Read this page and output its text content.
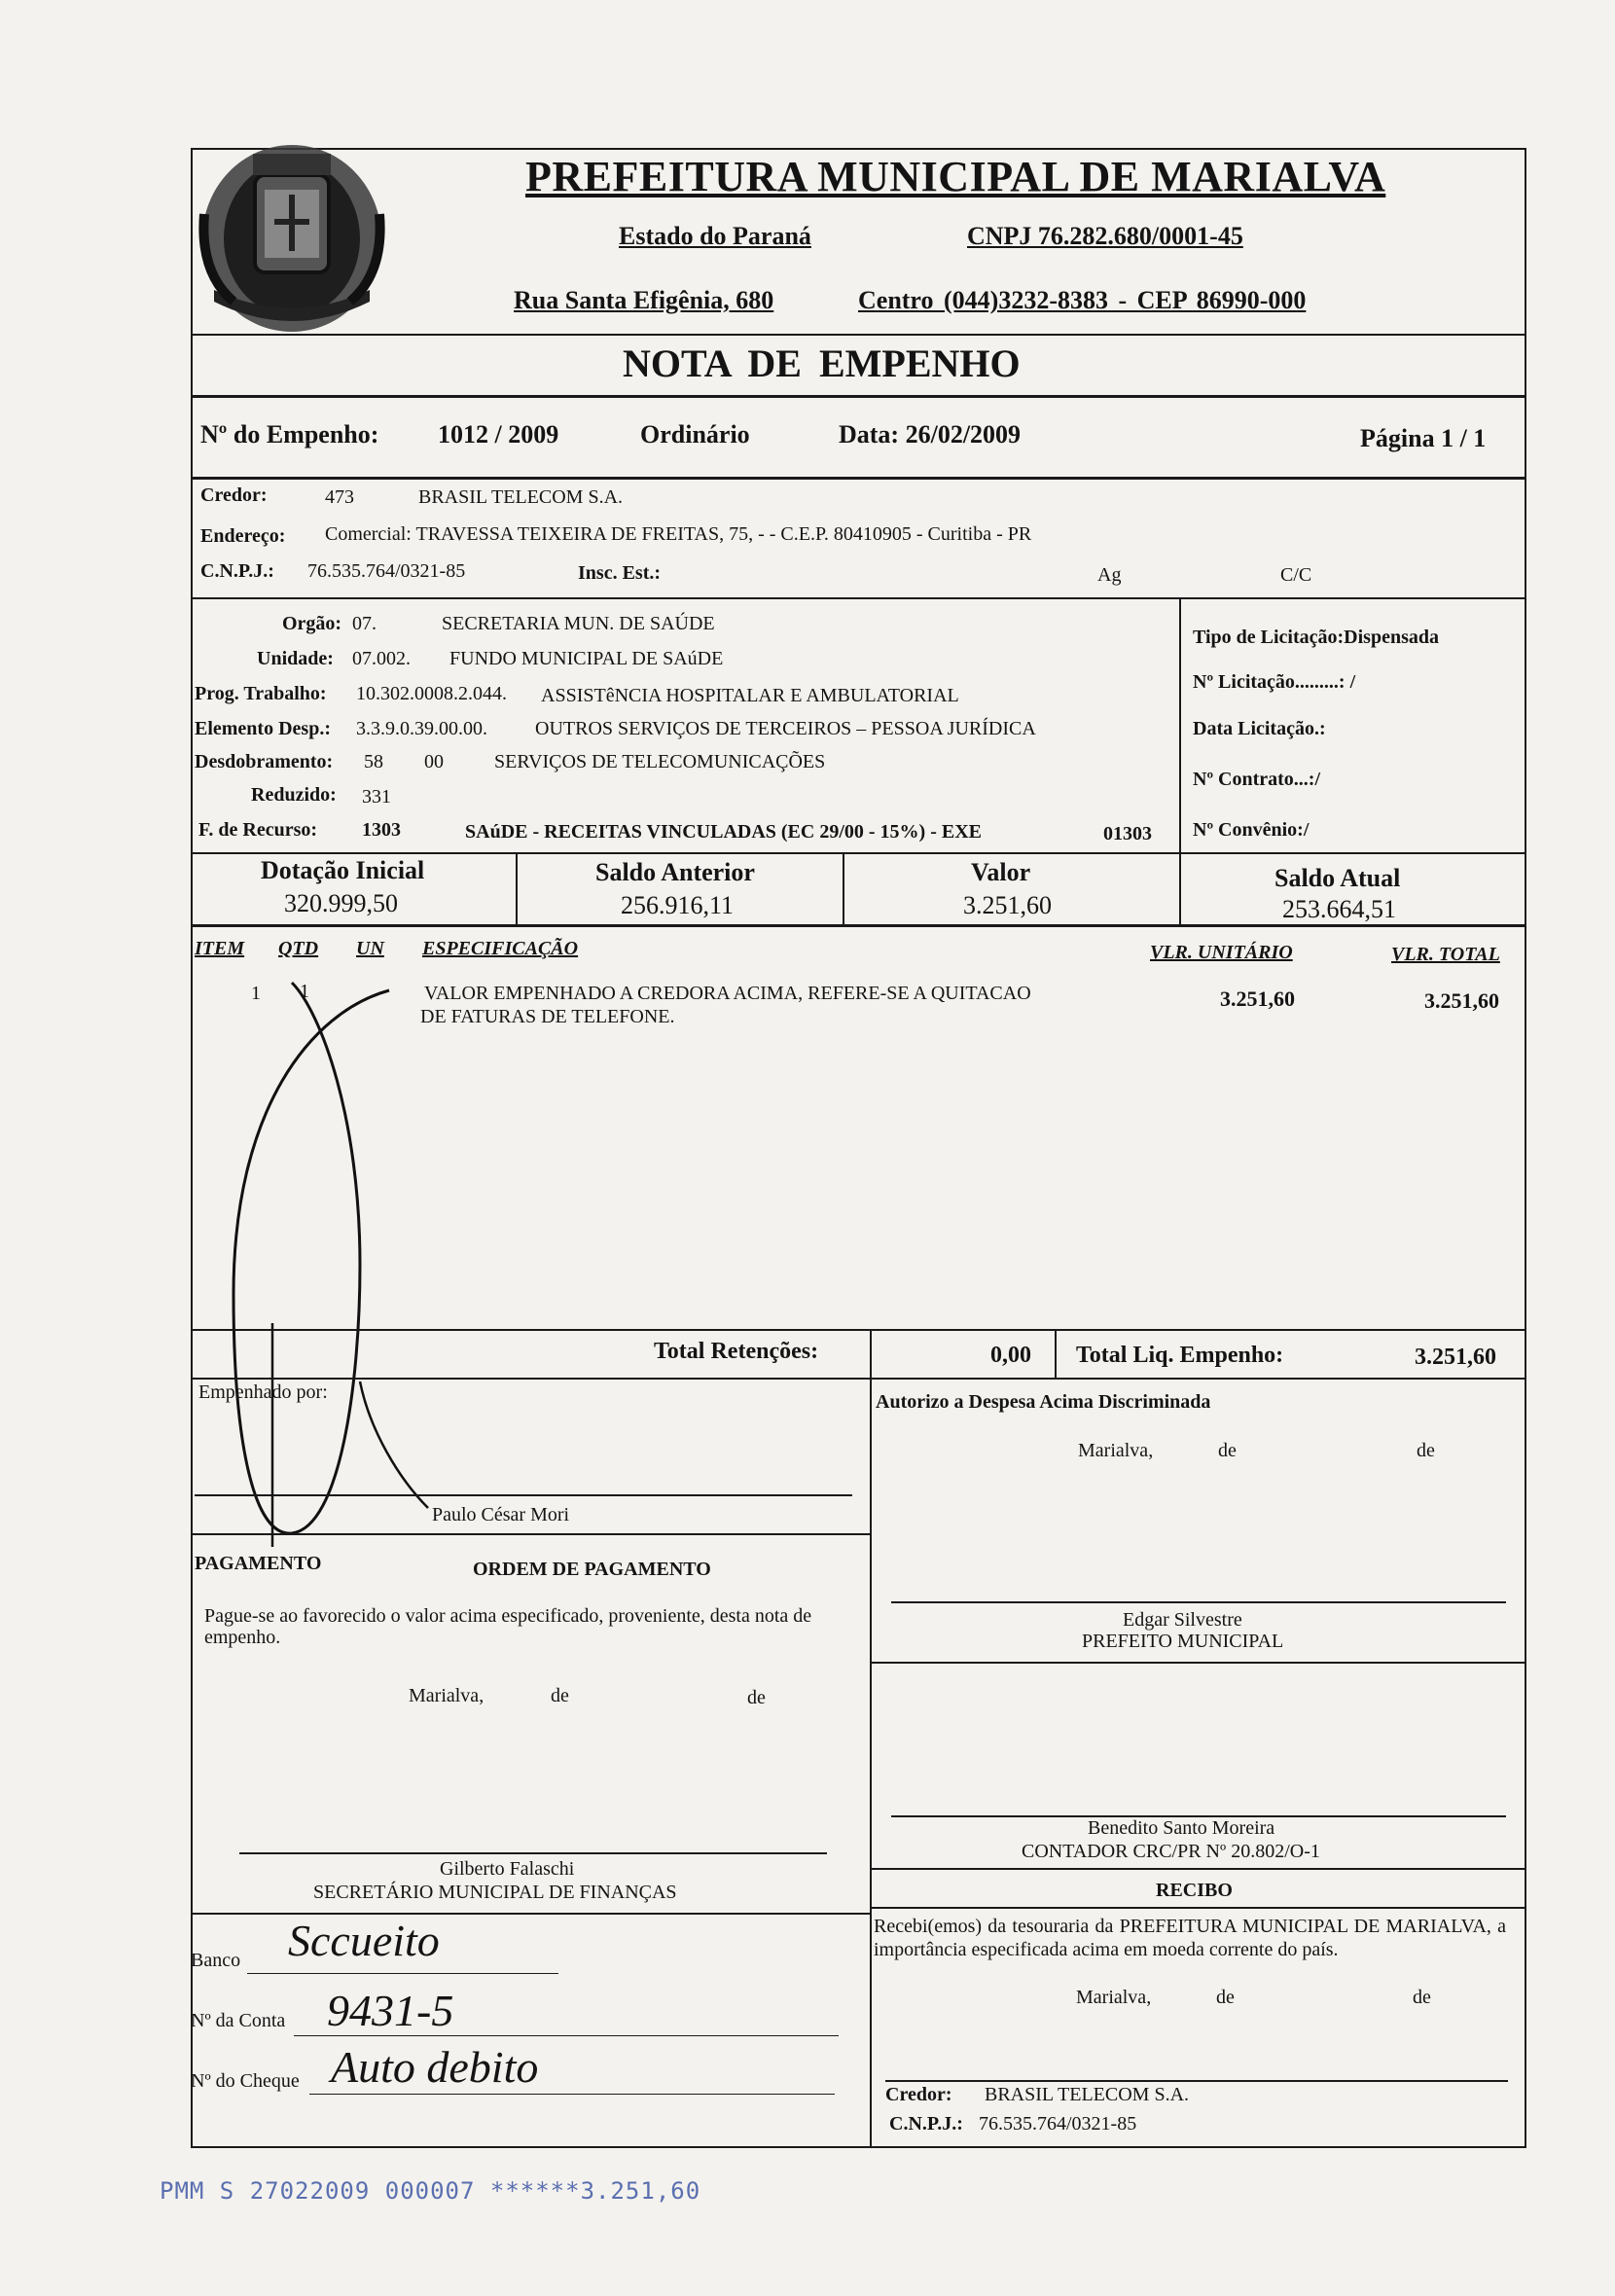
PREFEITURA MUNICIPAL DE MARIALVA
Estado do Paraná	CNPJ 76.282.680/0001-45
Rua Santa Efigênia, 680	Centro (044)3232-8383 - CEP 86990-000
NOTA DE EMPENHO
Nº do Empenho: 1012 / 2009	Ordinário	Data: 26/02/2009	Página 1 / 1
Credor:	473	BRASIL TELECOM S.A.
Endereço: Comercial: TRAVESSA TEIXEIRA DE FREITAS, 75, - - C.E.P. 80410905 - Curitiba - PR
C.N.P.J.: 76.535.764/0321-85	Insc. Est.:	Ag	C/C
Orgão: 07.	SECRETARIA MUN. DE SAÚDE
Unidade: 07.002. FUNDO MUNICIPAL DE SAúDE
Prog. Trabalho: 10.302.0008.2.044. ASSISTêNCIA HOSPITALAR E AMBULATORIAL
Elemento Desp.: 3.3.9.0.39.00.00. OUTROS SERVIÇOS DE TERCEIROS – PESSOA JURÍDICA
Desdobramento: 58 00	SERVIÇOS DE TELECOMUNICAÇÕES
Reduzido: 331
F. de Recurso: 1303	SAúDE - RECEITAS VINCULADAS (EC 29/00 - 15%) - EXE	01303
Tipo de Licitação:Dispensada
Nº Licitação.........: /
Data Licitação.:
Nº Contrato...:/
Nº Convênio:/
Dotação Inicial
320.999,50
Saldo Anterior
256.916,11
Valor
3.251,60
Saldo Atual
253.664,51
ITEM QTD UN ESPECIFICAÇÃO	VLR. UNITÁRIO	VLR. TOTAL
1 1	VALOR EMPENHADO A CREDORA ACIMA, REFERE-SE A QUITACAO
DE FATURAS DE TELEFONE.
3.251,60	3.251,60
Total Retenções:	0,00 Total Liq. Empenho:	3.251,60
Empenhado por:
Paulo César Mori
Autorizo a Despesa Acima Discriminada
Marialva,	de	de
Edgar Silvestre
PREFEITO MUNICIPAL
Benedito Santo Moreira
CONTADOR CRC/PR Nº 20.802/O-1
PAGAMENTO	ORDEM DE PAGAMENTO
Pague-se ao favorecido o valor acima especificado, proveniente, desta nota de empenho.
Marialva,	de	de
Gilberto Falaschi
SECRETÁRIO MUNICIPAL DE FINANÇAS
Banco Sccueito
Nº da Conta 9431-5
Nº do Cheque Auto debito
RECIBO
Recebi(emos) da tesouraria da PREFEITURA MUNICIPAL DE MARIALVA, a importância especificada acima em moeda corrente do país.
Marialva,	de	de
Credor: BRASIL TELECOM S.A.
C.N.P.J.: 76.535.764/0321-85
PMM S 27022009 000007 ******3.251,60
